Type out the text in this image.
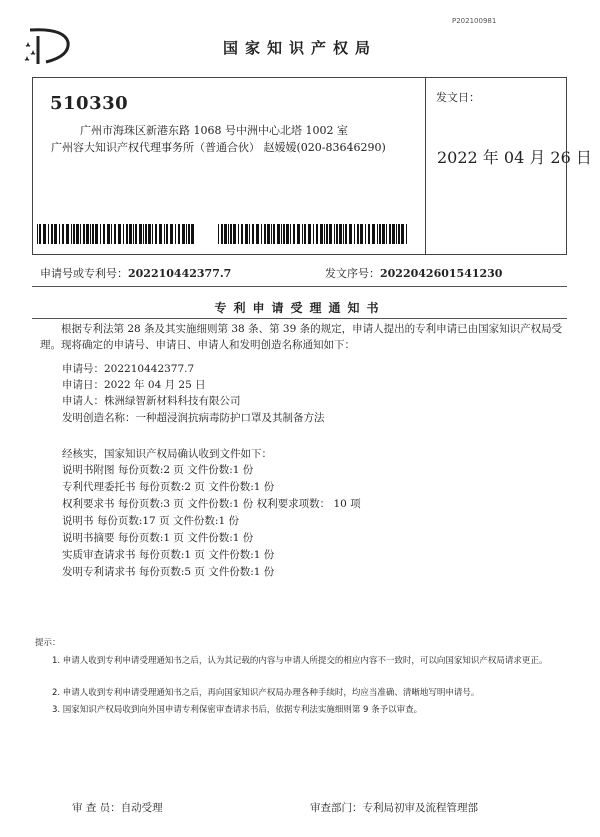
P202100981
国家知识产权局
510330
广州市海珠区新港东路 1068 号中洲中心北塔 1002 室
广州容大知识产权代理事务所（普通合伙） 赵嫒嫒(020-83646290)
发文日：
2022 年 04 月 26 日
申请号或专利号：202210442377.7	发文序号：2022042601541230
专利申请受理通知书
根据专利法第 28 条及其实施细则第 38 条、第 39 条的规定，申请人提出的专利申请已由国家知识产权局受理。现将确定的申请号、申请日、申请人和发明创造名称通知如下：
申请号：202210442377.7
申请日：2022 年 04 月 25 日
申请人：株洲绿智新材料科技有限公司
发明创造名称：一种超浸润抗病毒防护口罩及其制备方法
经核实，国家知识产权局确认收到文件如下：
说明书附图 每份页数:2 页 文件份数:1 份
专利代理委托书 每份页数:2 页 文件份数:1 份
权利要求书 每份页数:3 页 文件份数:1 份 权利要求项数： 10 项
说明书 每份页数:17 页 文件份数:1 份
说明书摘要 每份页数:1 页 文件份数:1 份
实质审查请求书 每份页数:1 页 文件份数:1 份
发明专利请求书 每份页数:5 页 文件份数:1 份
提示：
1. 申请人收到专利申请受理通知书之后，认为其记载的内容与申请人所提交的相应内容不一致时，可以向国家知识产权局请求更正。
2. 申请人收到专利申请受理通知书之后，再向国家知识产权局办理各种手续时，均应当准确、清晰地写明申请号。
3. 国家知识产权局收到向外国申请专利保密审查请求书后，依据专利法实施细则第 9 条予以审查。
审 查 员：自动受理	审查部门：专利局初审及流程管理部
